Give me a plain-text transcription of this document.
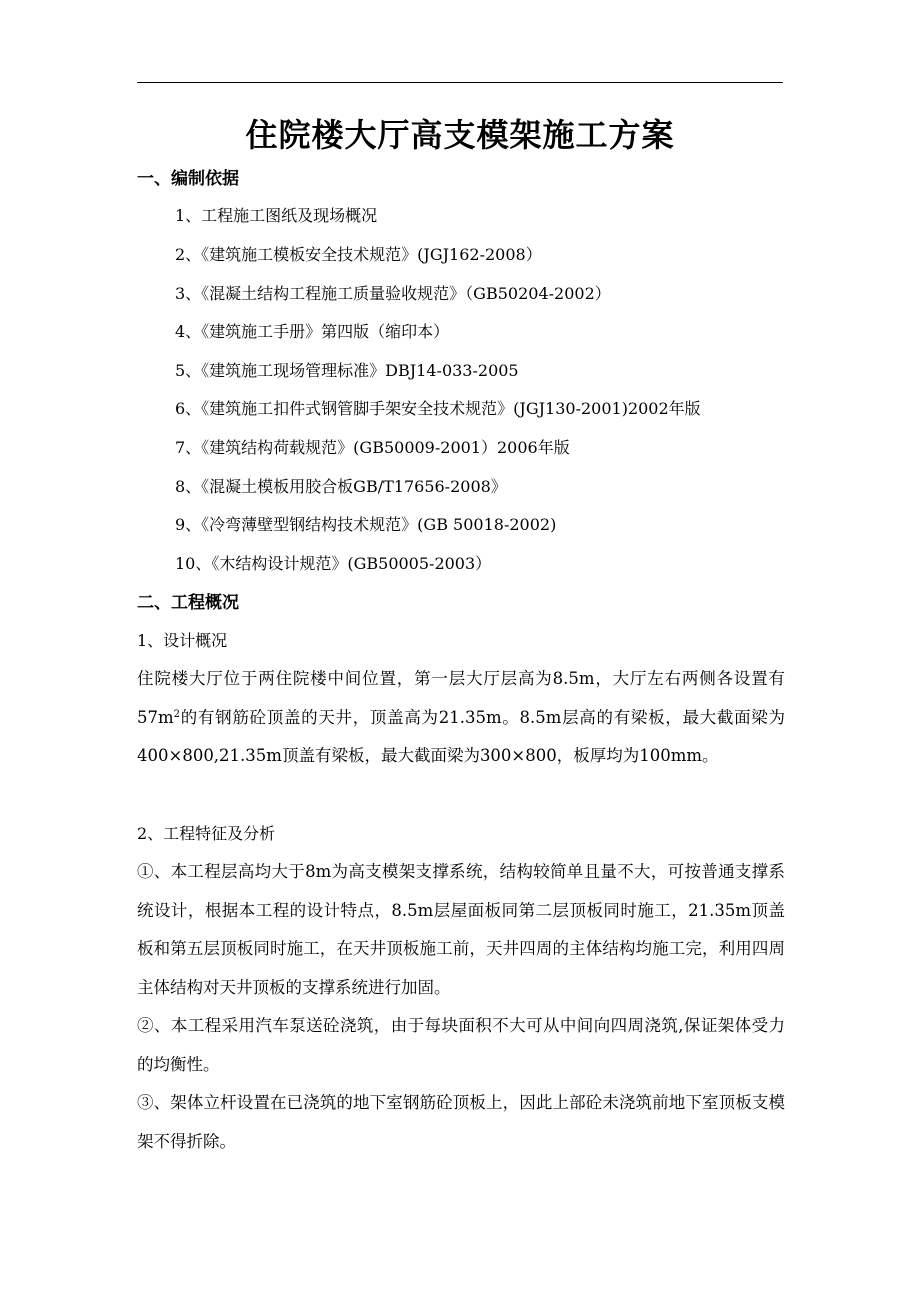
住院楼大厅高支模架施工方案
一、编制依据
1、工程施工图纸及现场概况
2、《建筑施工模板安全技术规范》(JGJ162-2008）
3、《混凝土结构工程施工质量验收规范》（GB50204-2002）
4、《建筑施工手册》第四版（缩印本）
5、《建筑施工现场管理标准》DBJ14-033-2005
6、《建筑施工扣件式钢管脚手架安全技术规范》(JGJ130-2001)2002年版
7、《建筑结构荷载规范》(GB50009-2001）2006年版
8、《混凝土模板用胶合板GB/T17656-2008》
9、《冷弯薄壁型钢结构技术规范》(GB 50018-2002)
10、《木结构设计规范》(GB50005-2003）
二、工程概况
1、设计概况
住院楼大厅位于两住院楼中间位置，第一层大厅层高为8.5m，大厅左右两侧各设置有$57m^2$的有钢筋砼顶盖的天井，顶盖高为21.35m。8.5m层高的有梁板，最大截面梁为400×800,21.35m顶盖有梁板，最大截面梁为300×800，板厚均为100mm。
2、工程特征及分析
①、本工程层高均大于8m为高支模架支撑系统，结构较简单且量不大，可按普通支撑系统设计，根据本工程的设计特点，8.5m层屋面板同第二层顶板同时施工，21.35m顶盖板和第五层顶板同时施工，在天井顶板施工前，天井四周的主体结构均施工完，利用四周主体结构对天井顶板的支撑系统进行加固。
②、本工程采用汽车泵送砼浇筑，由于每块面积不大可从中间向四周浇筑,保证架体受力的均衡性。
③、架体立杆设置在已浇筑的地下室钢筋砼顶板上，因此上部砼未浇筑前地下室顶板支模架不得折除。
